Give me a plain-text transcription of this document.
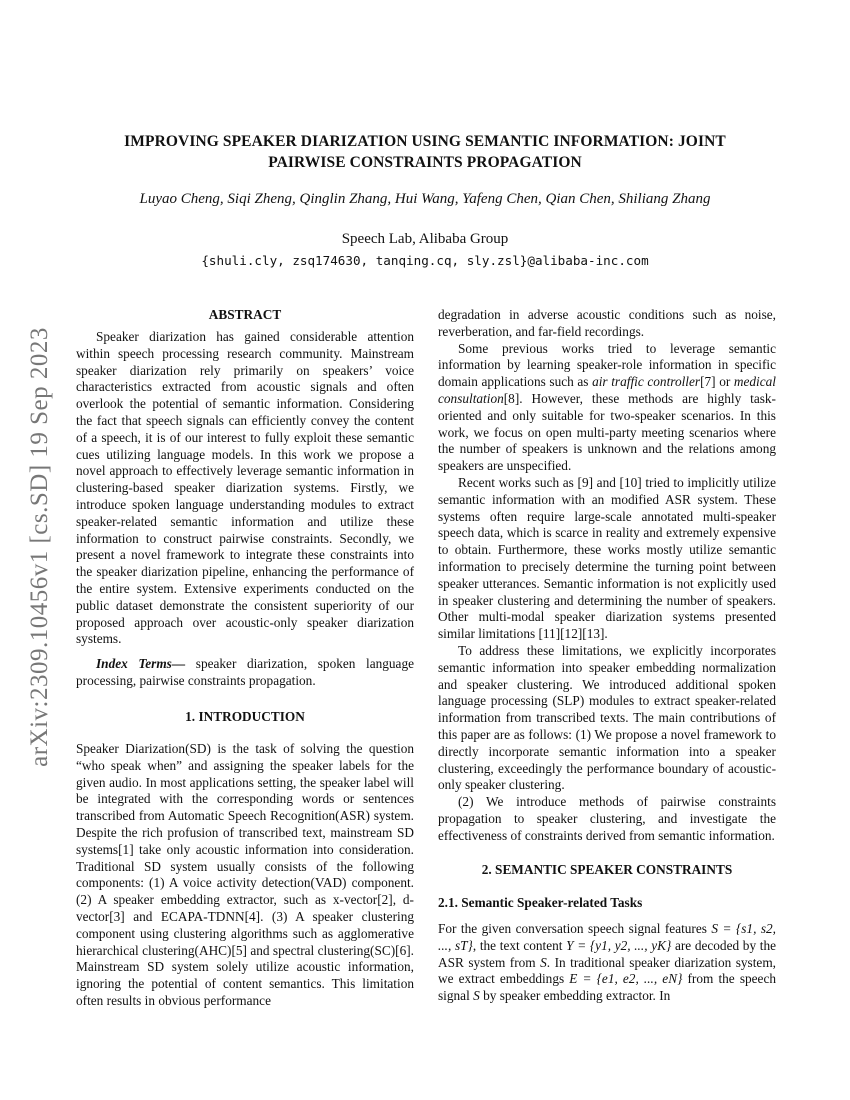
arXiv:2309.10456v1 [cs.SD] 19 Sep 2023
IMPROVING SPEAKER DIARIZATION USING SEMANTIC INFORMATION: JOINT PAIRWISE CONSTRAINTS PROPAGATION
Luyao Cheng, Siqi Zheng, Qinglin Zhang, Hui Wang, Yafeng Chen, Qian Chen, Shiliang Zhang
Speech Lab, Alibaba Group
{shuli.cly, zsq174630, tanqing.cq, sly.zsl}@alibaba-inc.com
ABSTRACT

Speaker diarization has gained considerable attention within speech processing research community. Mainstream speaker diarization rely primarily on speakers’ voice characteristics extracted from acoustic signals and often overlook the potential of semantic information. Considering the fact that speech signals can efficiently convey the content of a speech, it is of our interest to fully exploit these semantic cues utilizing language models. In this work we propose a novel approach to effectively leverage semantic information in clustering-based speaker diarization systems. Firstly, we introduce spoken language understanding modules to extract speaker-related semantic information and utilize these information to construct pairwise constraints. Secondly, we present a novel framework to integrate these constraints into the speaker diarization pipeline, enhancing the performance of the entire system. Extensive experiments conducted on the public dataset demonstrate the consistent superiority of our proposed approach over acoustic-only speaker diarization systems.

Index Terms— speaker diarization, spoken language processing, pairwise constraints propagation.

1. INTRODUCTION

Speaker Diarization(SD) is the task of solving the question “who speak when” and assigning the speaker labels for the given audio. In most applications setting, the speaker label will be integrated with the corresponding words or sentences transcribed from Automatic Speech Recognition(ASR) system. Despite the rich profusion of transcribed text, mainstream SD systems[1] take only acoustic information into consideration. Traditional SD system usually consists of the following components: (1) A voice activity detection(VAD) component. (2) A speaker embedding extractor, such as x-vector[2], d-vector[3] and ECAPA-TDNN[4]. (3) A speaker clustering component using clustering algorithms such as agglomerative hierarchical clustering(AHC)[5] and spectral clustering(SC)[6]. Mainstream SD system solely utilize acoustic information, ignoring the potential of content semantics. This limitation often results in obvious performance

degradation in adverse acoustic conditions such as noise, reverberation, and far-field recordings.

Some previous works tried to leverage semantic information by learning speaker-role information in specific domain applications such as air traffic controller[7] or medical consultation[8]. However, these methods are highly task-oriented and only suitable for two-speaker scenarios. In this work, we focus on open multi-party meeting scenarios where the number of speakers is unknown and the relations among speakers are unspecified.

Recent works such as [9] and [10] tried to implicitly utilize semantic information with an modified ASR system. These systems often require large-scale annotated multi-speaker speech data, which is scarce in reality and extremely expensive to obtain. Furthermore, these works mostly utilize semantic information to precisely determine the turning point between speaker utterances. Semantic information is not explicitly used in speaker clustering and determining the number of speakers. Other multi-modal speaker diarization systems presented similar limitations [11][12][13].

To address these limitations, we explicitly incorporates semantic information into speaker embedding normalization and speaker clustering. We introduced additional spoken language processing (SLP) modules to extract speaker-related information from transcribed texts. The main contributions of this paper are as follows: (1) We propose a novel framework to directly incorporate semantic information into a speaker clustering, exceedingly the performance boundary of acoustic-only speaker clustering.

(2) We introduce methods of pairwise constraints propagation to speaker clustering, and investigate the effectiveness of constraints derived from semantic information.

2. SEMANTIC SPEAKER CONSTRAINTS
2.1. Semantic Speaker-related Tasks

For the given conversation speech signal features S = {s1, s2, ..., sT}, the text content Y = {y1, y2, ..., yK} are decoded by the ASR system from S. In traditional speaker diarization system, we extract embeddings E = {e1, e2, ..., eN} from the speech signal S by speaker embedding extractor. In
